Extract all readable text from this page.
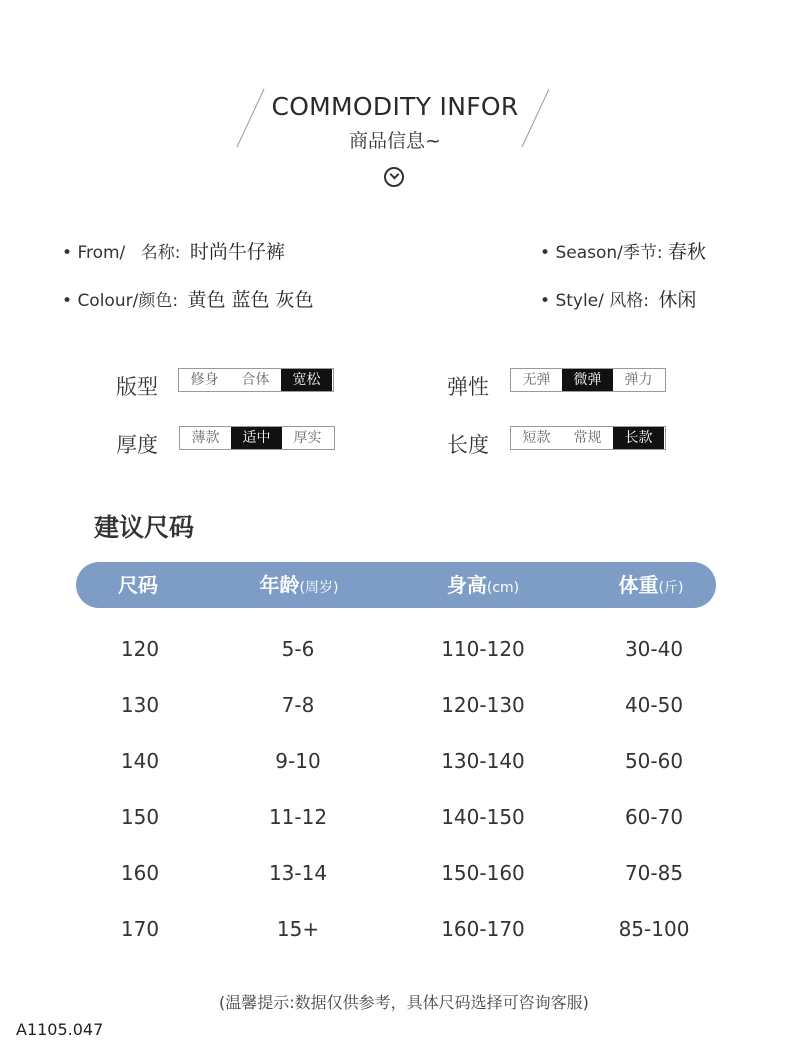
COMMODITY INFOR
商品信息~
• From/ 名称: 时尚牛仔裤	• Season/季节: 春秋
• Colour/颜色: 黄色 蓝色 灰色	• Style/ 风格: 休闲
版型	修身	合体	宽松	弹性	无弹	微弹	弹力
厚度	薄款	适中	厚实	长度	短款	常规	长款
建议尺码
尺码	年龄(周岁)	身高(cm)	体重(斤)
120	5-6	110-120	30-40
130	7-8	120-130	40-50
140	9-10	130-140	50-60
150	11-12	140-150	60-70
160	13-14	150-160	70-85
170	15+	160-170	85-100
(温馨提示:数据仅供参考，具体尺码选择可咨询客服)
A1105.047
